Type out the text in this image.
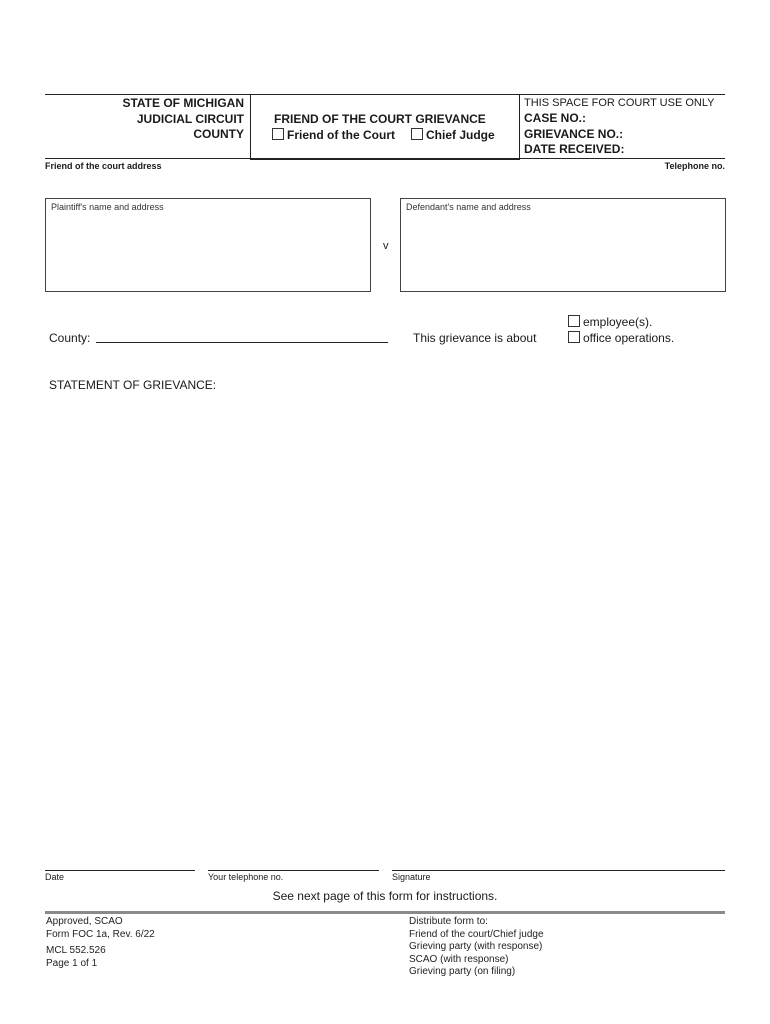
STATE OF MICHIGAN
JUDICIAL CIRCUIT
COUNTY
FRIEND OF THE COURT GRIEVANCE
Friend of the Court	Chief Judge
THIS SPACE FOR COURT USE ONLY
CASE NO.:
GRIEVANCE NO.:
DATE RECEIVED:
Friend of the court address	Telephone no.
Plaintiff's name and address
v
Defendant's name and address
County:	This grievance is about
employee(s).
office operations.
STATEMENT OF GRIEVANCE:
Date	Your telephone no.	Signature
See next page of this form for instructions.
Approved, SCAO
Form FOC 1a, Rev. 6/22
MCL 552.526
Page 1 of 1
Distribute form to:
Friend of the court/Chief judge
Grieving party (with response)
SCAO (with response)
Grieving party (on filing)
